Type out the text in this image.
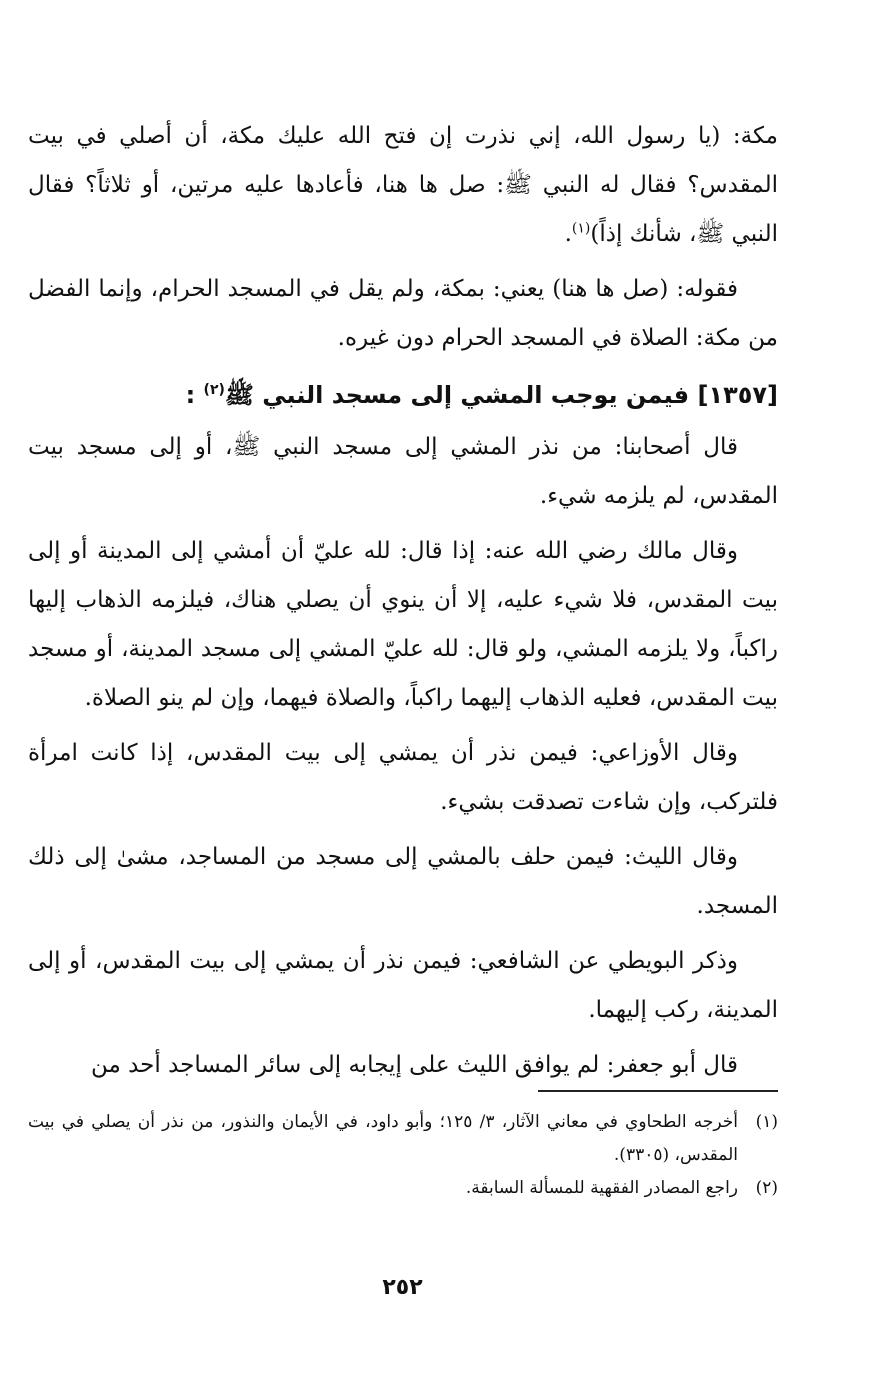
مكة: (يا رسول الله، إني نذرت إن فتح الله عليك مكة، أن أصلي في بيت المقدس؟ فقال له النبي ﷺ: صل ها هنا، فأعادها عليه مرتين، أو ثلاثاً؟ فقال النبي ﷺ، شأنك إذاً)$^{(١)}$.

فقوله: (صل ها هنا) يعني: بمكة، ولم يقل في المسجد الحرام، وإنما الفضل من مكة: الصلاة في المسجد الحرام دون غيره.

[١٣٥٧] فيمن يوجب المشي إلى مسجد النبي ﷺ$^{(٢)}$ :

قال أصحابنا: من نذر المشي إلى مسجد النبي ﷺ، أو إلى مسجد بيت المقدس، لم يلزمه شيء.

وقال مالك رضي الله عنه: إذا قال: لله عليّ أن أمشي إلى المدينة أو إلى بيت المقدس، فلا شيء عليه، إلا أن ينوي أن يصلي هناك، فيلزمه الذهاب إليها راكباً، ولا يلزمه المشي، ولو قال: لله عليّ المشي إلى مسجد المدينة، أو مسجد بيت المقدس، فعليه الذهاب إليهما راكباً، والصلاة فيهما، وإن لم ينو الصلاة.

وقال الأوزاعي: فيمن نذر أن يمشي إلى بيت المقدس، إذا كانت امرأة فلتركب، وإن شاءت تصدقت بشيء.

وقال الليث: فيمن حلف بالمشي إلى مسجد من المساجد، مشىٰ إلى ذلك المسجد.

وذكر البويطي عن الشافعي: فيمن نذر أن يمشي إلى بيت المقدس، أو إلى المدينة، ركب إليهما.

قال أبو جعفر: لم يوافق الليث على إيجابه إلى سائر المساجد أحد من

(١)أخرجه الطحاوي في معاني الآثار، ٣/ ١٢٥؛ وأبو داود، في الأيمان والنذور، من نذر أن يصلي في بيت المقدس، (٣٣٠٥).

(٢)راجع المصادر الفقهية للمسألة السابقة.

٢٥٢
